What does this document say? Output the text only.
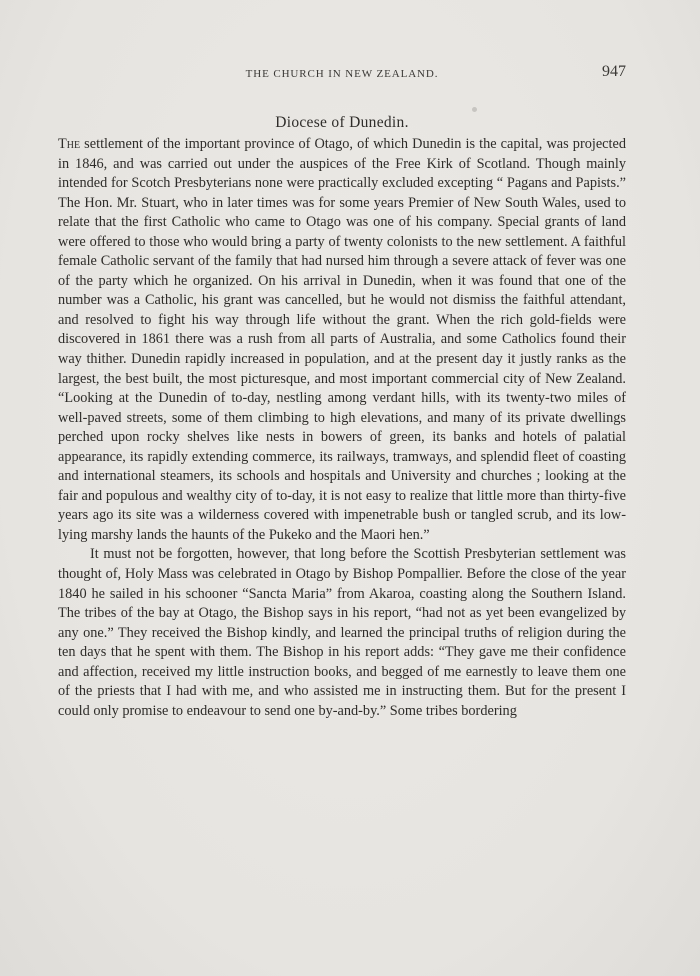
THE CHURCH IN NEW ZEALAND.	947
Diocese of Dunedin.

The settlement of the important province of Otago, of which Dunedin is the capital, was projected in 1846, and was carried out under the auspices of the Free Kirk of Scotland. Though mainly intended for Scotch Presbyterians none were practically excluded excepting “ Pagans and Papists.” The Hon. Mr. Stuart, who in later times was for some years Premier of New South Wales, used to relate that the first Catholic who came to Otago was one of his company. Special grants of land were offered to those who would bring a party of twenty colonists to the new settlement. A faithful female Catholic servant of the family that had nursed him through a severe attack of fever was one of the party which he organized. On his arrival in Dunedin, when it was found that one of the number was a Catholic, his grant was cancelled, but he would not dismiss the faithful attendant, and resolved to fight his way through life without the grant. When the rich gold-fields were discovered in 1861 there was a rush from all parts of Australia, and some Catholics found their way thither. Dunedin rapidly increased in population, and at the present day it justly ranks as the largest, the best built, the most picturesque, and most important commercial city of New Zealand. “Looking at the Dunedin of to-day, nestling among verdant hills, with its twenty-two miles of well-paved streets, some of them climbing to high elevations, and many of its private dwellings perched upon rocky shelves like nests in bowers of green, its banks and hotels of palatial appearance, its rapidly extending commerce, its railways, tramways, and splendid fleet of coasting and international steamers, its schools and hospitals and University and churches ; looking at the fair and populous and wealthy city of to-day, it is not easy to realize that little more than thirty-five years ago its site was a wilderness covered with impenetrable bush or tangled scrub, and its low-lying marshy lands the haunts of the Pukeko and the Maori hen.”

It must not be forgotten, however, that long before the Scottish Presbyterian settlement was thought of, Holy Mass was celebrated in Otago by Bishop Pompallier. Before the close of the year 1840 he sailed in his schooner “Sancta Maria” from Akaroa, coasting along the Southern Island. The tribes of the bay at Otago, the Bishop says in his report, “had not as yet been evangelized by any one.” They received the Bishop kindly, and learned the principal truths of religion during the ten days that he spent with them. The Bishop in his report adds: “They gave me their confidence and affection, received my little instruction books, and begged of me earnestly to leave them one of the priests that I had with me, and who assisted me in instructing them. But for the present I could only promise to endeavour to send one by-and-by.” Some tribes bordering
